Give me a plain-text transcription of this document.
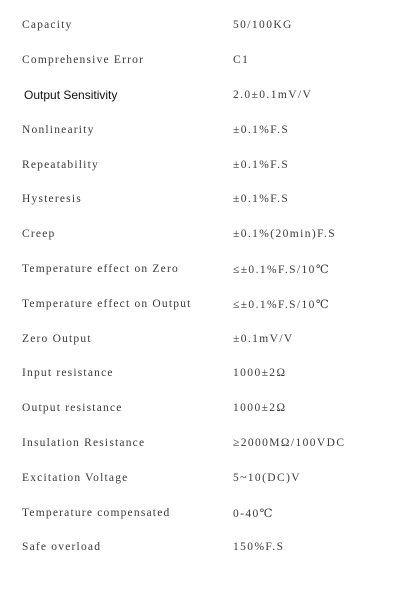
Capacity	50/100KG
Comprehensive Error	C1
Output Sensitivity	2.0±0.1mV/V
Nonlinearity	±0.1%F.S
Repeatability	±0.1%F.S
Hysteresis	±0.1%F.S
Creep	±0.1%(20min)F.S
Temperature effect on Zero	≤±0.1%F.S/10℃
Temperature effect on Output	≤±0.1%F.S/10℃
Zero Output	±0.1mV/V
Input resistance	1000±2Ω
Output resistance	1000±2Ω
Insulation Resistance	≥2000MΩ/100VDC
Excitation Voltage	5~10(DC)V
Temperature compensated	0-40℃
Safe overload	150%F.S
